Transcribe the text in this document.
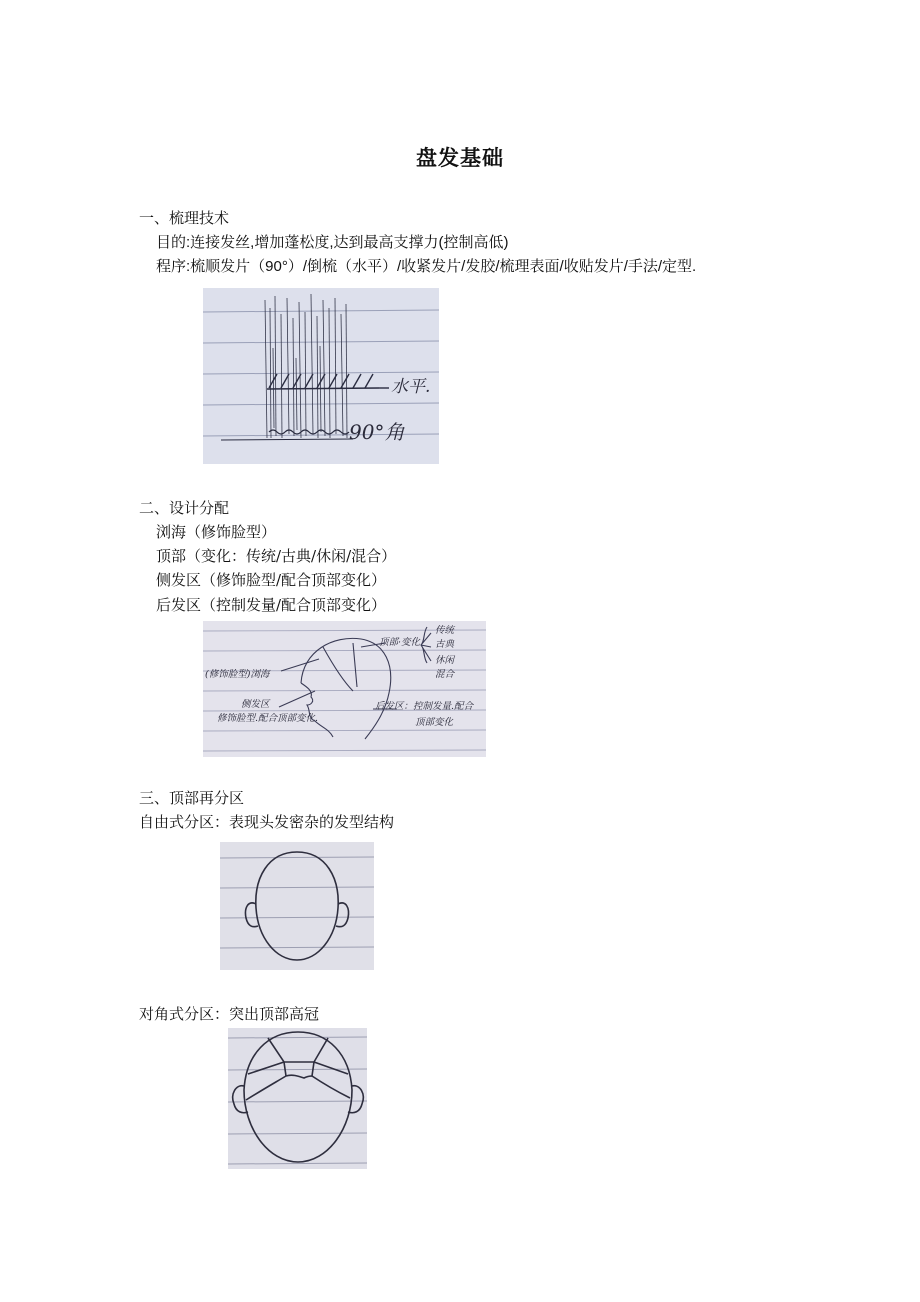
盘发基础
一、梳理技术
目的:连接发丝,增加蓬松度,达到最高支撑力(控制高低)
程序:梳顺发片（90°）/倒梳（水平）/收紧发片/发胶/梳理表面/收贴发片/手法/定型.
水平.
90°角
二、设计分配
浏海（修饰脸型）
顶部（变化：传统/古典/休闲/混合）
侧发区（修饰脸型/配合顶部变化）
后发区（控制发量/配合顶部变化）
顶部·变化
传统
古典
休闲
混合
(修饰脸型)浏海
侧发区
修饰脸型.配合顶部变化.
后发区：控制发量.配合
顶部变化
三、顶部再分区
自由式分区：表现头发密杂的发型结构
对角式分区：突出顶部高冠
